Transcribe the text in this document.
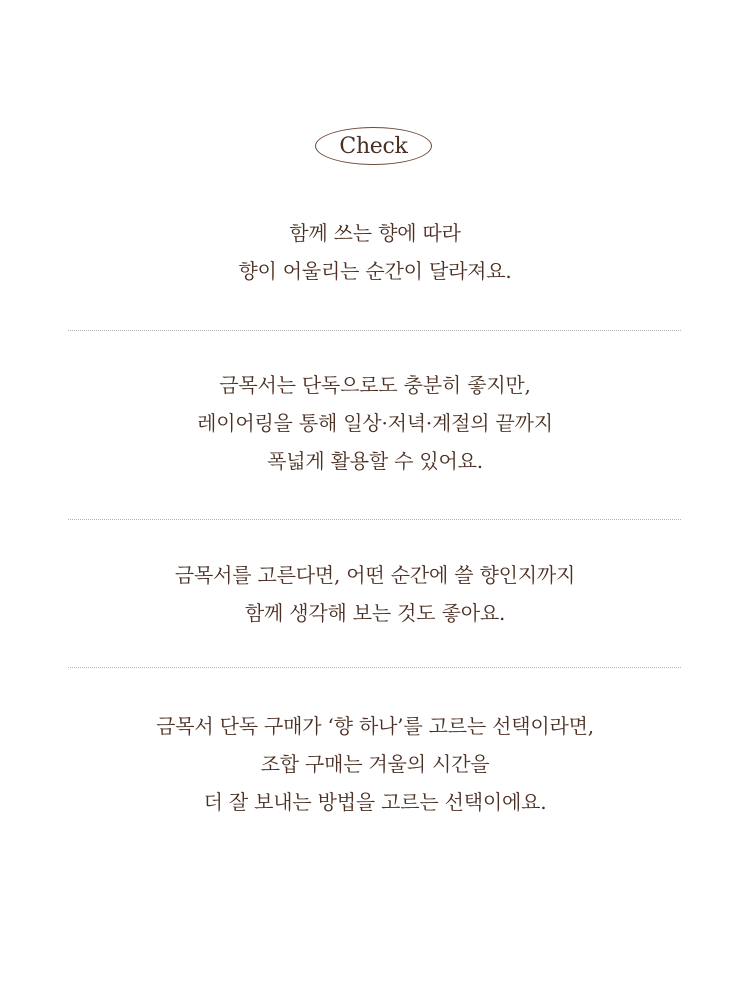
Check
함께 쓰는 향에 따라
향이 어울리는 순간이 달라져요.
금목서는 단독으로도 충분히 좋지만,
레이어링을 통해 일상·저녁·계절의 끝까지
폭넓게 활용할 수 있어요.
금목서를 고른다면, 어떤 순간에 쓸 향인지까지
함께 생각해 보는 것도 좋아요.
금목서 단독 구매가 ‘향 하나’를 고르는 선택이라면,
조합 구매는 겨울의 시간을
더 잘 보내는 방법을 고르는 선택이에요.
